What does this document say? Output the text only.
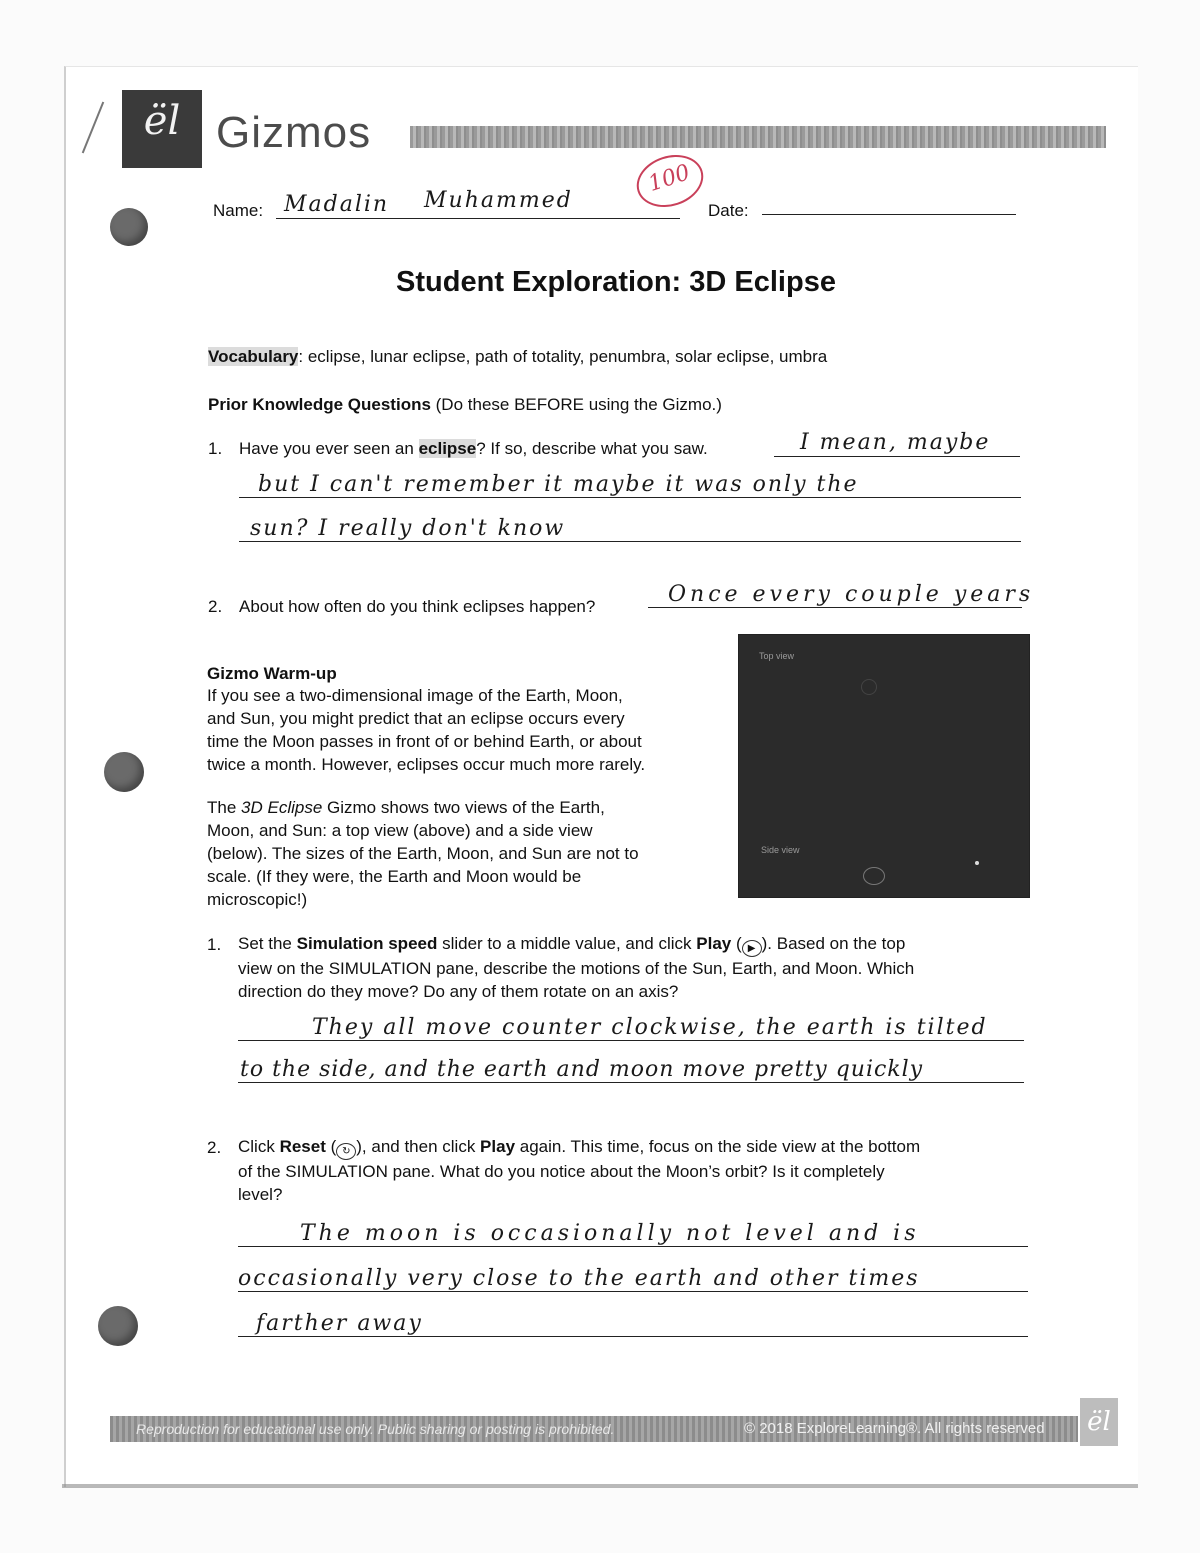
ël Gizmos
100
Name: Madalin Muhammed	Date:
Student Exploration: 3D Eclipse
Vocabulary: eclipse, lunar eclipse, path of totality, penumbra, solar eclipse, umbra
Prior Knowledge Questions (Do these BEFORE using the Gizmo.)
1. Have you ever seen an eclipse? If so, describe what you saw.	I mean, maybe
but I can't remember it maybe it was only the
sun? I really don't know
2. About how often do you think eclipses happen?	Once every couple years
Gizmo Warm-up
If you see a two-dimensional image of the Earth, Moon,
and Sun, you might predict that an eclipse occurs every
time the Moon passes in front of or behind Earth, or about
twice a month. However, eclipses occur much more rarely.
The 3D Eclipse Gizmo shows two views of the Earth,
Moon, and Sun: a top view (above) and a side view
(below). The sizes of the Earth, Moon, and Sun are not to
scale. (If they were, the Earth and Moon would be
microscopic!)
Top view
Side view
1. Set the Simulation speed slider to a middle value, and click Play ( ▶ ). Based on the top
view on the SIMULATION pane, describe the motions of the Sun, Earth, and Moon. Which
direction do they move? Do any of them rotate on an axis?
They all move counter clockwise, the earth is tilted
to the side, and the earth and moon move pretty quickly
2. Click Reset ( ↻ ), and then click Play again. This time, focus on the side view at the bottom
of the SIMULATION pane. What do you notice about the Moon’s orbit? Is it completely
level?
The moon is occasionally not level and is
occasionally very close to the earth and other times
farther away
Reproduction for educational use only. Public sharing or posting is prohibited.	© 2018 ExploreLearning®. All rights reserved ël
